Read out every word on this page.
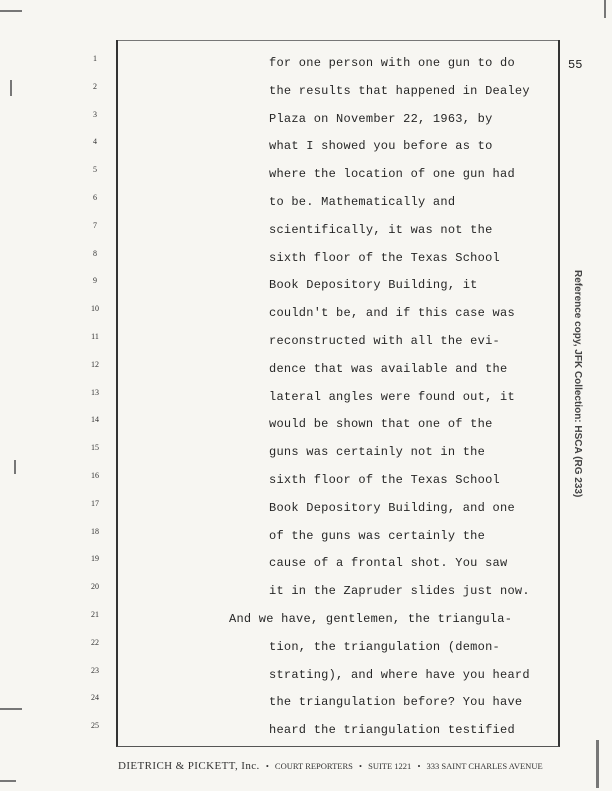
55
1
2
3
4
5
6
7
8
9
10
11
12
13
14
15
16
17
18
19
20
21
22
23
24
25
for one person with one gun to do
the results that happened in Dealey
Plaza on November 22, 1963, by
what I showed you before as to
where the location of one gun had
to be. Mathematically and
scientifically, it was not the
sixth floor of the Texas School
Book Depository Building, it
couldn't be, and if this case was
reconstructed with all the evi-
dence that was available and the
lateral angles were found out, it
would be shown that one of the
guns was certainly not in the
sixth floor of the Texas School
Book Depository Building, and one
of the guns was certainly the
cause of a frontal shot. You saw
it in the Zapruder slides just now.
And we have, gentlemen, the triangula-
tion, the triangulation (demon-
strating), and where have you heard
the triangulation before? You have
heard the triangulation testified
Reference copy, JFK Collection: HSCA (RG 233)
DIETRICH & PICKETT, Inc. • COURT REPORTERS • SUITE 1221 • 333 SAINT CHARLES AVENUE
